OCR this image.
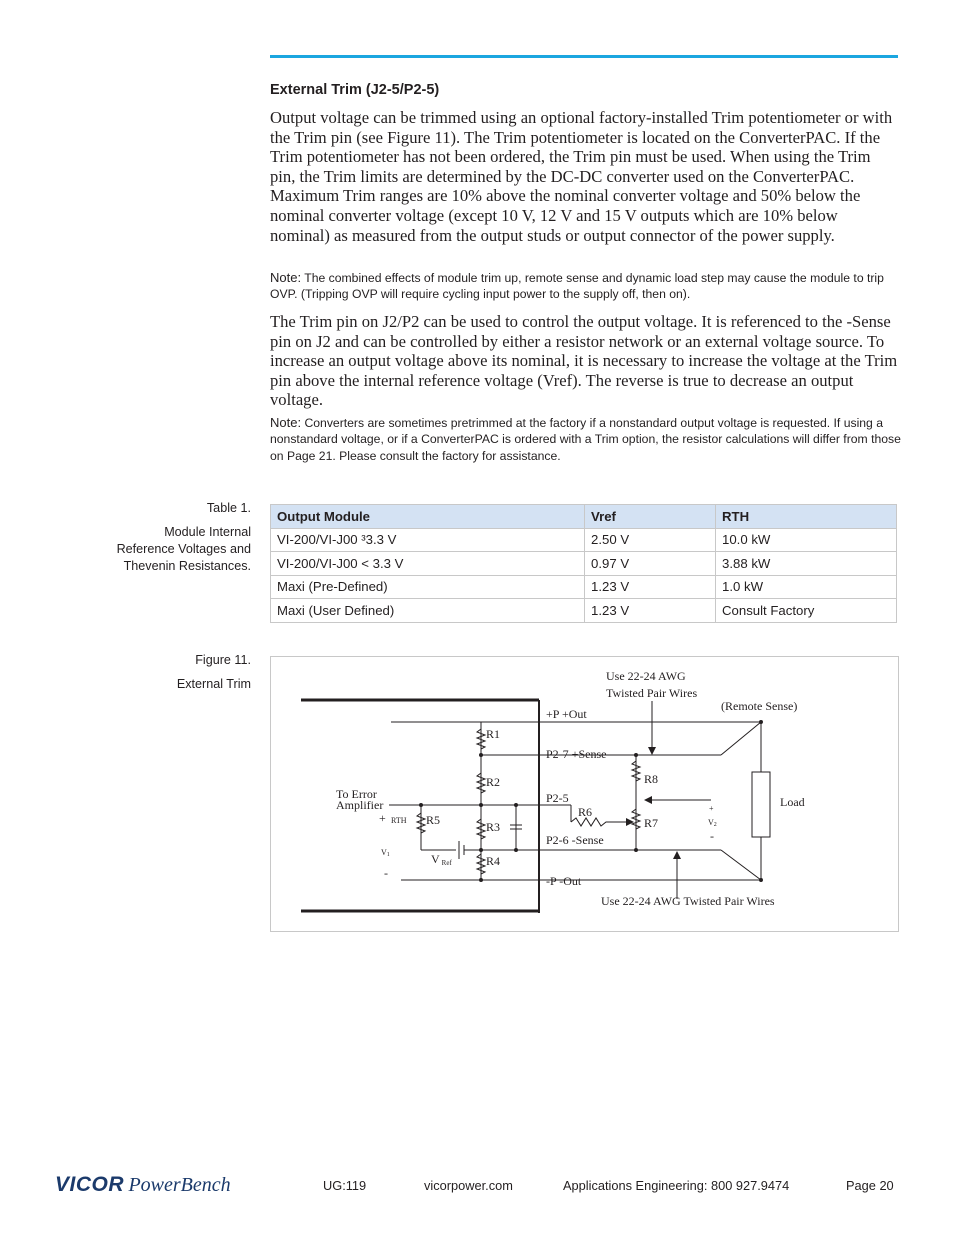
External Trim (J2-5/P2-5)

Output voltage can be trimmed using an optional factory-installed Trim potentiometer or with the Trim pin (see Figure 11). The Trim potentiometer is located on the ConverterPAC. If the Trim potentiometer has not been ordered, the Trim pin must be used. When using the Trim pin, the Trim limits are determined by the DC-DC converter used on the ConverterPAC. Maximum Trim ranges are 10% above the nominal converter voltage and 50% below the nominal converter voltage (except 10 V, 12 V and 15 V outputs which are 10% below nominal) as measured from the output studs or output connector of the power supply.

Note: The combined effects of module trim up, remote sense and dynamic load step may cause the module to trip OVP. (Tripping OVP will require cycling input power to the supply off, then on).

The Trim pin on J2/P2 can be used to control the output voltage. It is referenced to the -Sense pin on J2 and can be controlled by either a resistor network or an external voltage source. To increase an output voltage above its nominal, it is necessary to increase the voltage at the Trim pin above the internal reference voltage (Vref). The reverse is true to decrease an output voltage.

Note: Converters are sometimes pretrimmed at the factory if a nonstandard output voltage is requested. If using a nonstandard voltage, or if a ConverterPAC is ordered with a Trim option, the resistor calculations will differ from those on Page 21. Please consult the factory for assistance.

Table 1.
Module Internal
Reference Voltages and
Thevenin Resistances.
Output Module	Vref	RTH
VI-200/VI-J00 ³3.3 V	2.50 V	10.0 kW
VI-200/VI-J00 < 3.3 V	0.97 V	3.88 kW
Maxi (Pre-Defined)	1.23 V	1.0 kW
Maxi (User Defined)	1.23 V	Consult Factory
Figure 11.
External Trim
Use 22-24 AWG
Twisted Pair Wires
(Remote Sense)
+P +Out
P2-7 +Sense
P2-5
P2-6 -Sense
-P -Out
Use 22-24 AWG Twisted Pair Wires
Load
R1
R2
R3
R4
R5
R6
R7
R8
To Error
Amplifier
+
V Ref
-
RTH
V1
+
V2
-
VICOR PowerBench	UG:119	vicorpower.com	Applications Engineering: 800 927.9474	Page 20
